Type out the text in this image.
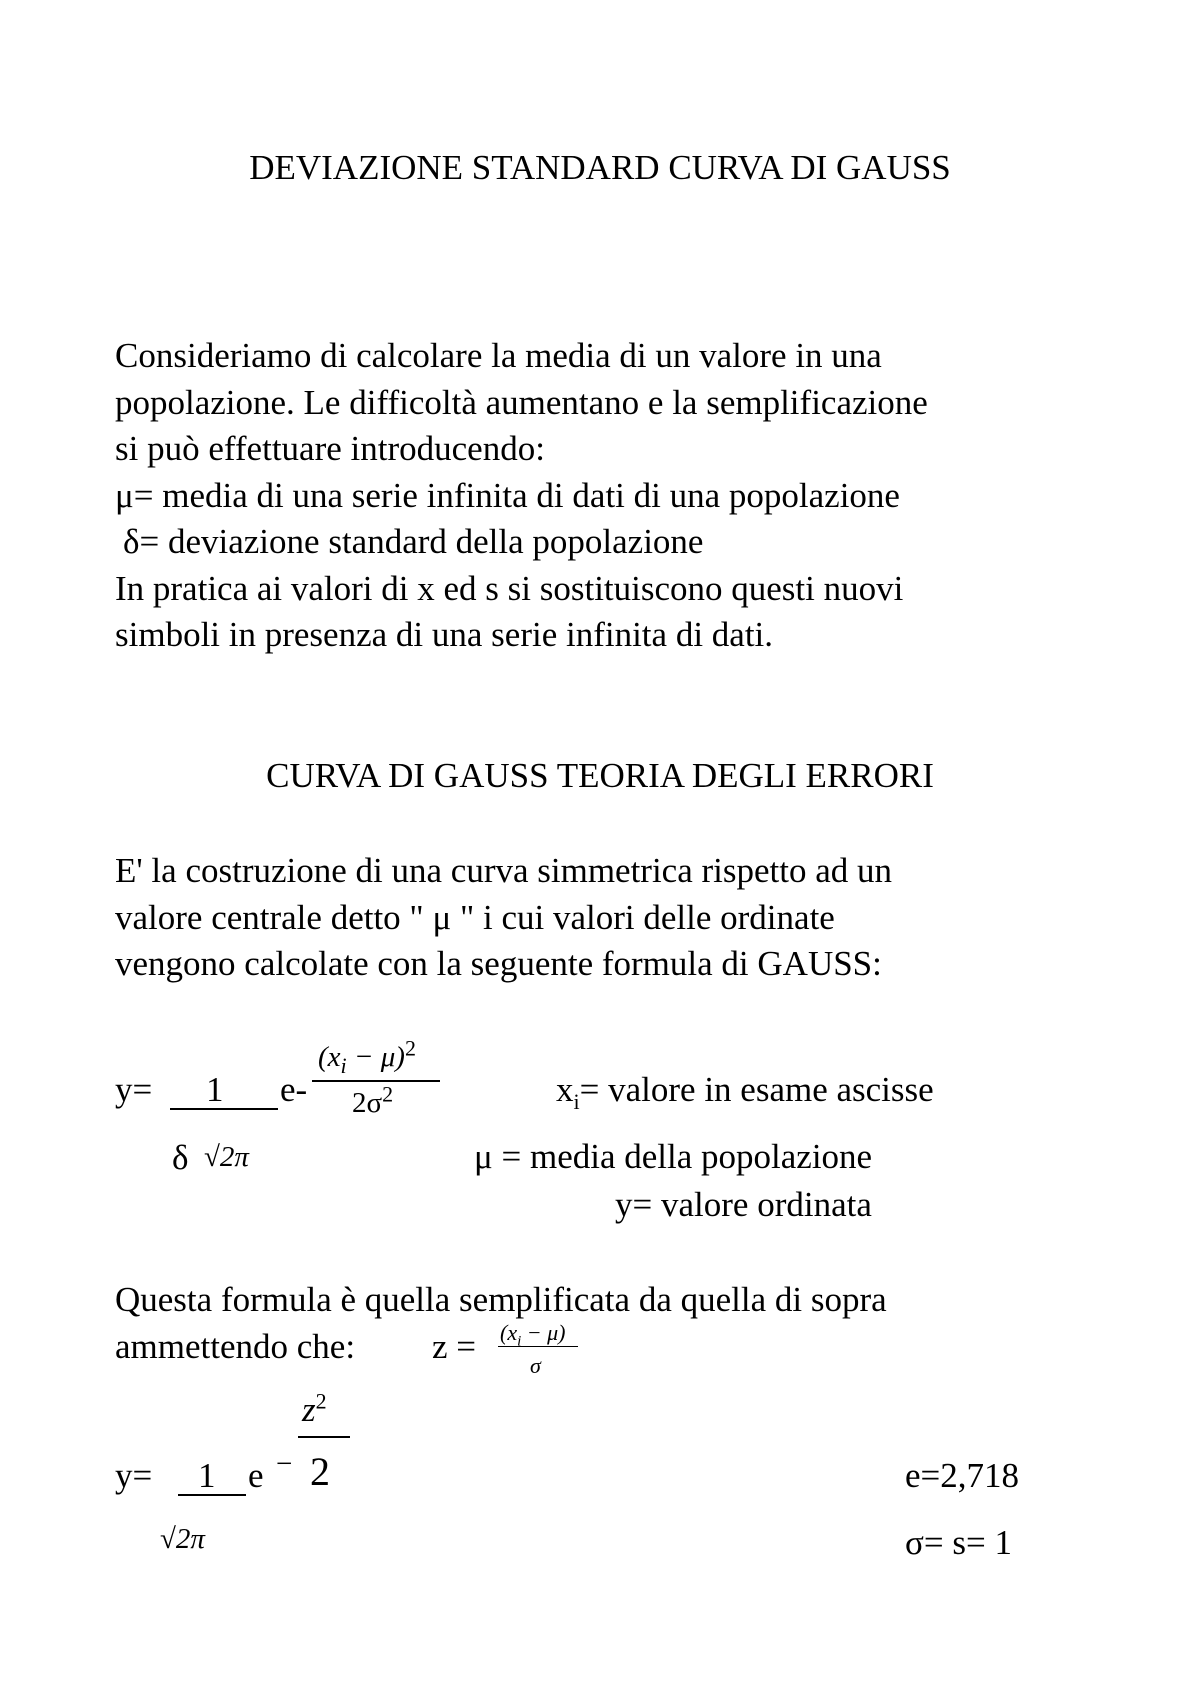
DEVIAZIONE STANDARD CURVA DI GAUSS
Consideriamo di calcolare la media di un valore in una
popolazione. Le difficoltà aumentano e la semplificazione
si può effettuare introducendo:
μ= media di una serie infinita di dati di una popolazione
δ= deviazione standard della popolazione
In pratica ai valori di x ed s si sostituiscono questi nuovi
simboli in presenza di una serie infinita di dati.
CURVA DI GAUSS TEORIA DEGLI ERRORI
E' la costruzione di una curva simmetrica rispetto ad un
valore centrale detto " μ " i cui valori delle ordinate
vengono calcolate con la seguente formula di GAUSS:
y= 1 e-
$(x_i - \mu)^2$
$2\sigma^2$
δ √2π
$x_i=$ valore in esame ascisse
μ = media della popolazione
y= valore ordinata
Questa formula è quella semplificata da quella di sopra
ammettendo che: $z = (x_i - \mu)$
σ
$z^2$
2
y= 1 e −
√2π
e=2,718
σ= s= 1
